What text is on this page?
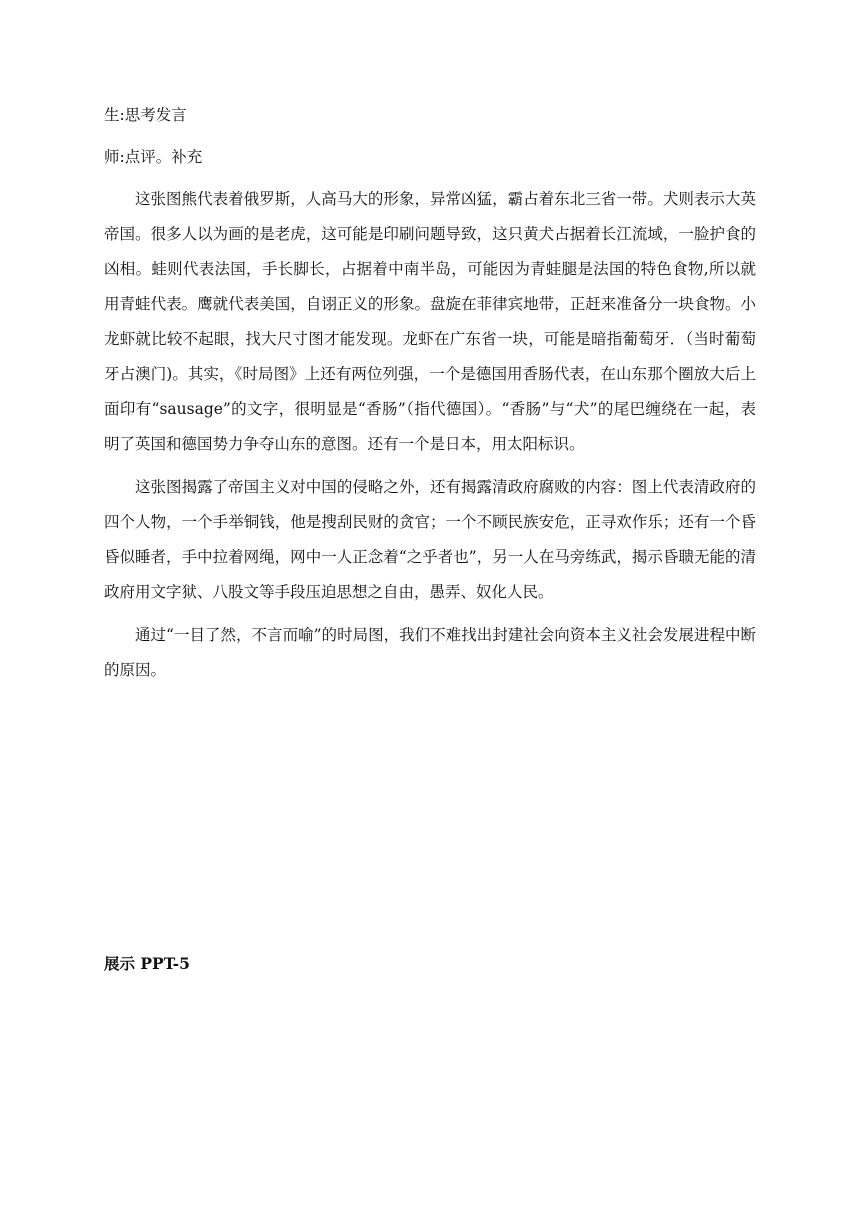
生:思考发言

师:点评。补充

这张图熊代表着俄罗斯，人高马大的形象，异常凶猛，霸占着东北三省一带。犬则表示大英帝国。很多人以为画的是老虎，这可能是印刷问题导致，这只黄犬占据着长江流域，一脸护食的凶相。蛙则代表法国，手长脚长，占据着中南半岛，可能因为青蛙腿是法国的特色食物,所以就用青蛙代表。鹰就代表美国，自诩正义的形象。盘旋在菲律宾地带，正赶来准备分一块食物。小龙虾就比较不起眼，找大尺寸图才能发现。龙虾在广东省一块，可能是暗指葡萄牙．（当时葡萄牙占澳门)。其实，《时局图》上还有两位列强，一个是德国用香肠代表，在山东那个圈放大后上面印有“sausage”的文字，很明显是“香肠”（指代德国）。“香肠”与“犬”的尾巴缠绕在一起，表明了英国和德国势力争夺山东的意图。还有一个是日本，用太阳标识。

这张图揭露了帝国主义对中国的侵略之外，还有揭露清政府腐败的内容：图上代表清政府的四个人物，一个手举铜钱，他是搜刮民财的贪官；一个不顾民族安危，正寻欢作乐；还有一个昏昏似睡者，手中拉着网绳，网中一人正念着“之乎者也”，另一人在马旁练武，揭示昏聩无能的清政府用文字狱、八股文等手段压迫思想之自由，愚弄、奴化人民。

通过“一目了然，不言而喻”的时局图，我们不难找出封建社会向资本主义社会发展进程中断的原因。

展示 PPT-5
